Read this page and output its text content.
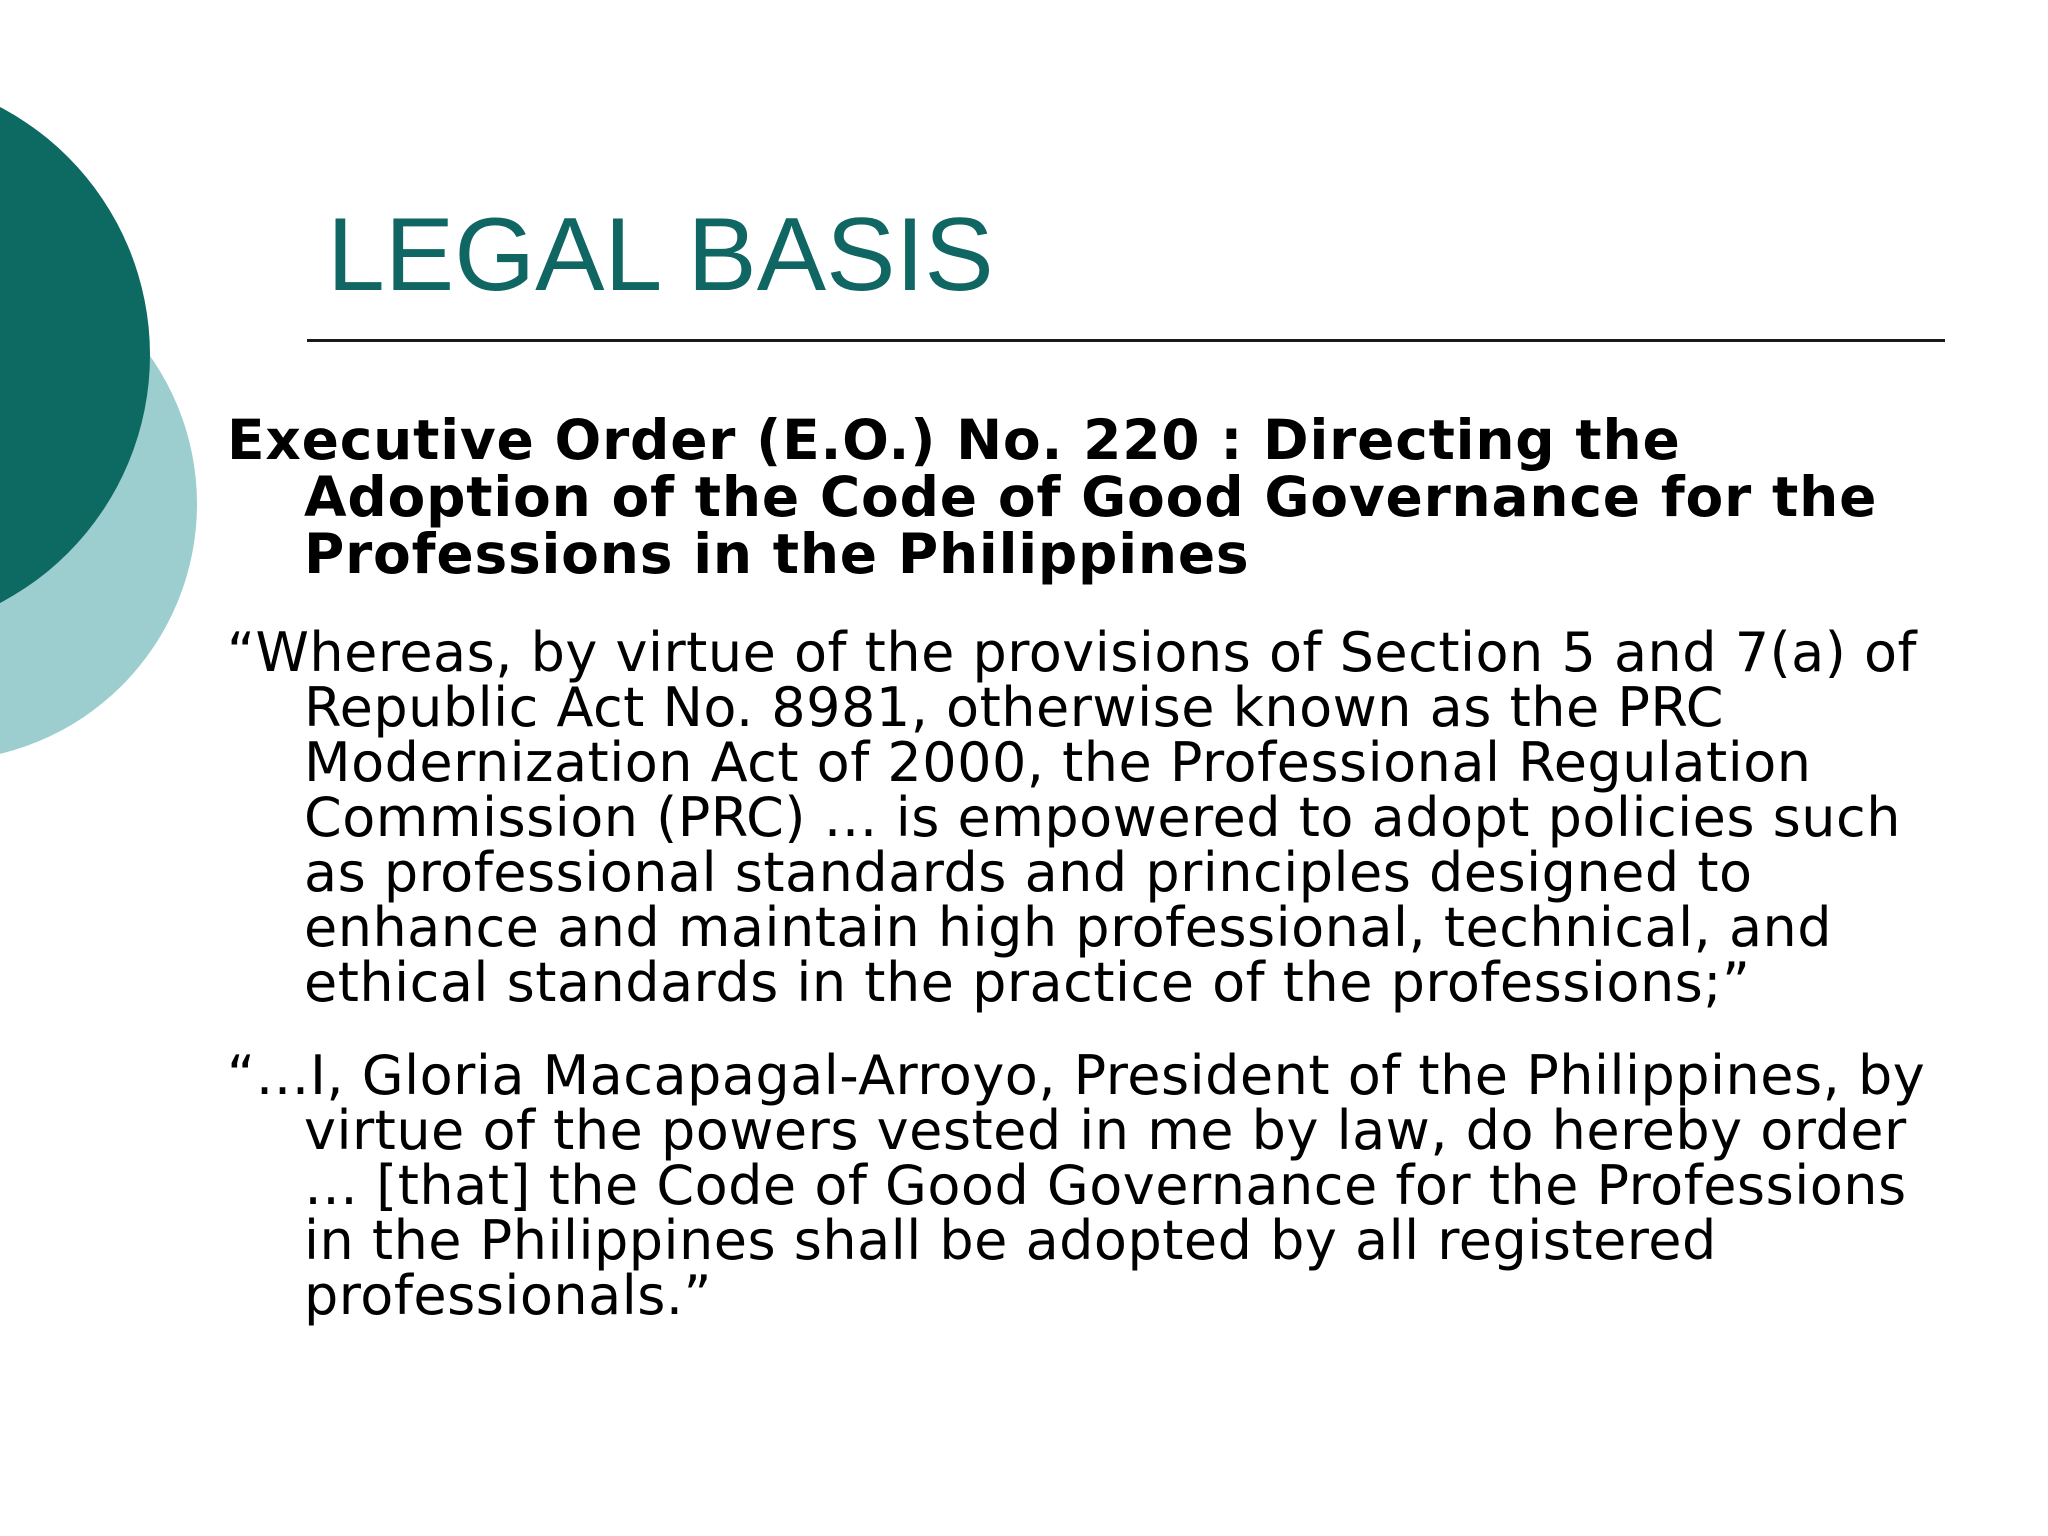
LEGAL BASIS

Executive Order (E.O.) No. 220 : Directing the Adoption of the Code of Good Governance for the Professions in the Philippines

“Whereas, by virtue of the provisions of Section 5 and 7(a) of Republic Act No. 8981, otherwise known as the PRC Modernization Act of 2000, the Professional Regulation Commission (PRC) … is empowered to adopt policies such as professional standards and principles designed to enhance and maintain high professional, technical, and ethical standards in the practice of the professions;”

“…I, Gloria Macapagal-Arroyo, President of the Philippines, by virtue of the powers vested in me by law, do hereby order … [that] the Code of Good Governance for the Professions in the Philippines shall be adopted by all registered professionals.”
